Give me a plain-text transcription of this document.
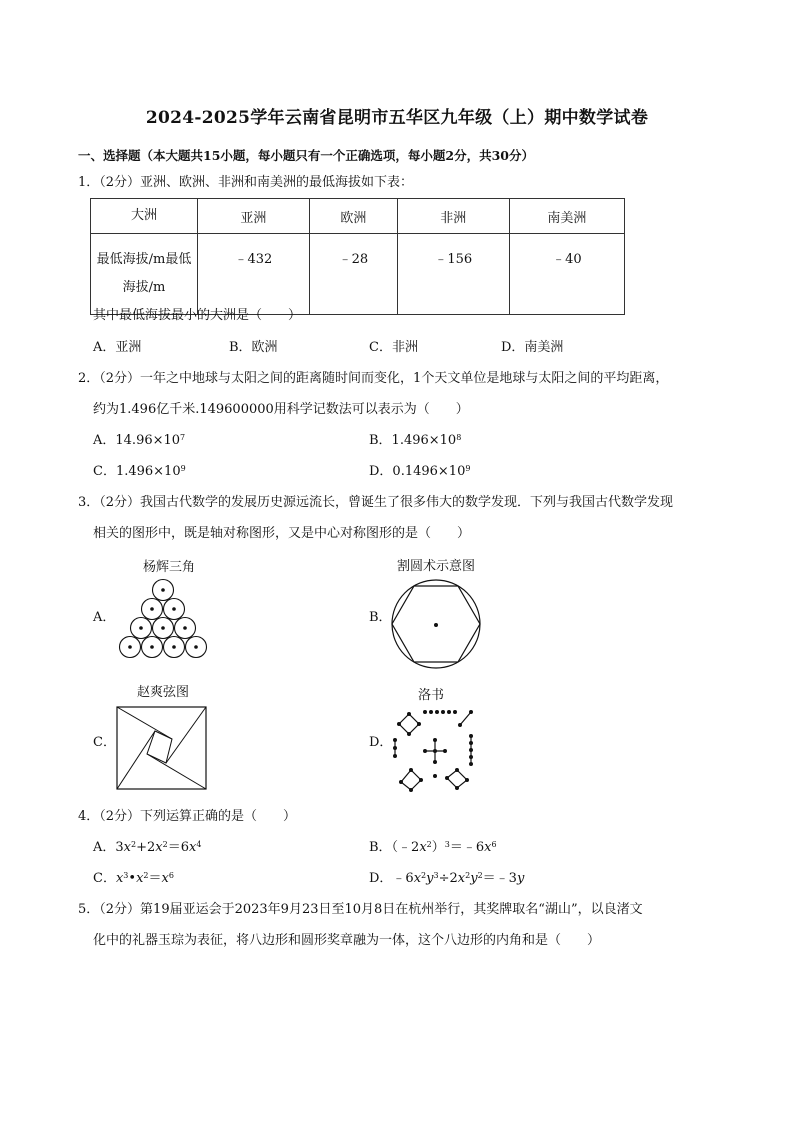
2024-2025学年云南省昆明市五华区九年级（上）期中数学试卷
一、选择题（本大题共15小题，每小题只有一个正确选项，每小题2分，共30分）
1．（2分）亚洲、欧洲、非洲和南美洲的最低海拔如下表：
大洲	亚洲	欧洲	非洲	南美洲

最低海拔/m最低
海拔/m	﹣432	﹣28	﹣156	﹣40
其中最低海拔最小的大洲是（　　）
A．亚洲	B．欧洲	C．非洲	D．南美洲
2．（2分）一年之中地球与太阳之间的距离随时间而变化，1个天文单位是地球与太阳之间的平均距离，
约为1.496亿千米.149600000用科学记数法可以表示为（　　）
A．$14.96\times 10^7$	B．$1.496\times 10^8$
C．$1.496\times 10^9$	D．$0.1496\times 10^9$
3．（2分）我国古代数学的发展历史源远流长，曾诞生了很多伟大的数学发现．下列与我国古代数学发现
相关的图形中，既是轴对称图形，又是中心对称图形的是（　　）
杨辉三角
A．
割圆术示意图
B．
赵爽弦图
C．
洛书
D．
4．（2分）下列运算正确的是（　　）
A．$3x^2+2x^2=6x^4$	B．$(﹣2x^2)^3=﹣6x^6$
C．$x^3•x^2=x^6$	D．$﹣6x^2y^3\div 2x^2y^2=﹣3y$
5．（2分）第19届亚运会于2023年9月23日至10月8日在杭州举行，其奖牌取名“湖山”，以良渚文
化中的礼器玉琮为表征，将八边形和圆形奖章融为一体，这个八边形的内角和是（　　）
